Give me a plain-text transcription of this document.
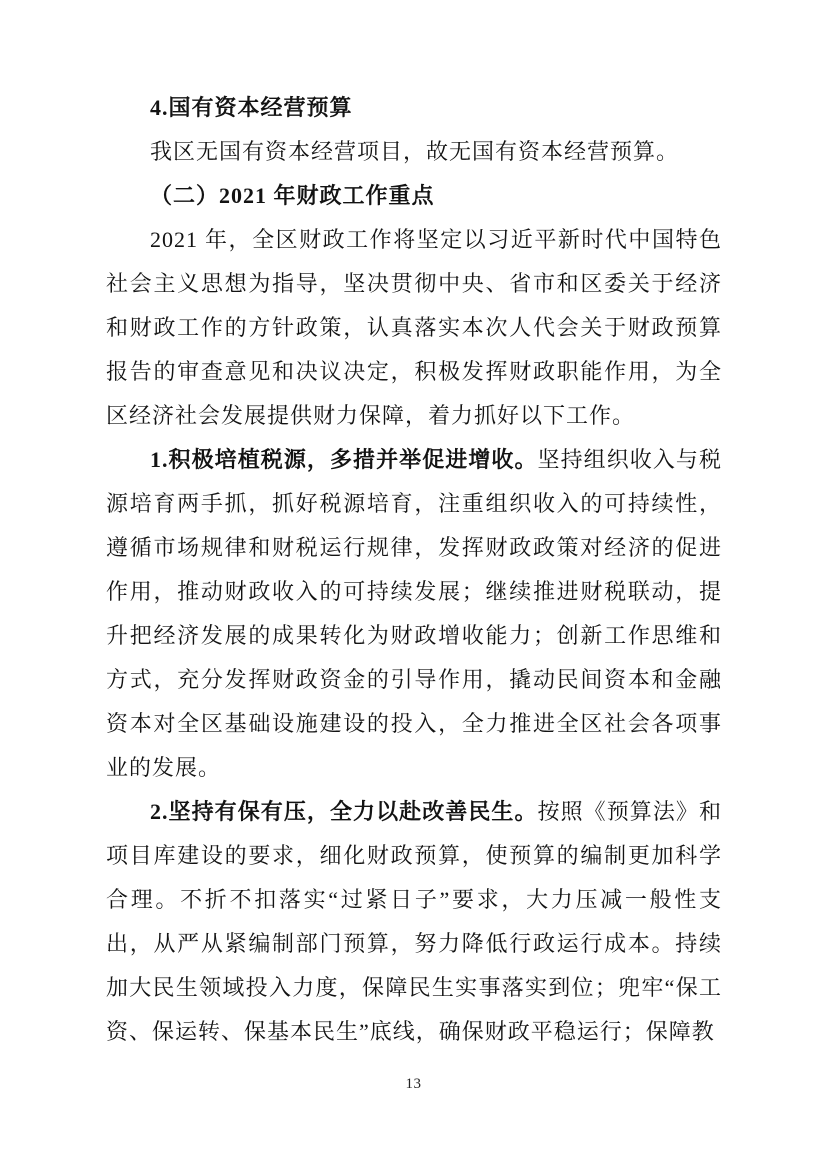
4.国有资本经营预算

我区无国有资本经营项目，故无国有资本经营预算。

（二）2021 年财政工作重点

2021 年，全区财政工作将坚定以习近平新时代中国特色社会主义思想为指导，坚决贯彻中央、省市和区委关于经济和财政工作的方针政策，认真落实本次人代会关于财政预算报告的审查意见和决议决定，积极发挥财政职能作用，为全区经济社会发展提供财力保障，着力抓好以下工作。

1.积极培植税源，多措并举促进增收。坚持组织收入与税源培育两手抓，抓好税源培育，注重组织收入的可持续性，遵循市场规律和财税运行规律，发挥财政政策对经济的促进作用，推动财政收入的可持续发展；继续推进财税联动，提升把经济发展的成果转化为财政增收能力；创新工作思维和方式，充分发挥财政资金的引导作用，撬动民间资本和金融资本对全区基础设施建设的投入，全力推进全区社会各项事业的发展。

2.坚持有保有压，全力以赴改善民生。按照《预算法》和项目库建设的要求，细化财政预算，使预算的编制更加科学合理。不折不扣落实“过紧日子”要求，大力压减一般性支出，从严从紧编制部门预算，努力降低行政运行成本。持续加大民生领域投入力度，保障民生实事落实到位；兜牢“保工资、保运转、保基本民生”底线，确保财政平稳运行；保障教

13
